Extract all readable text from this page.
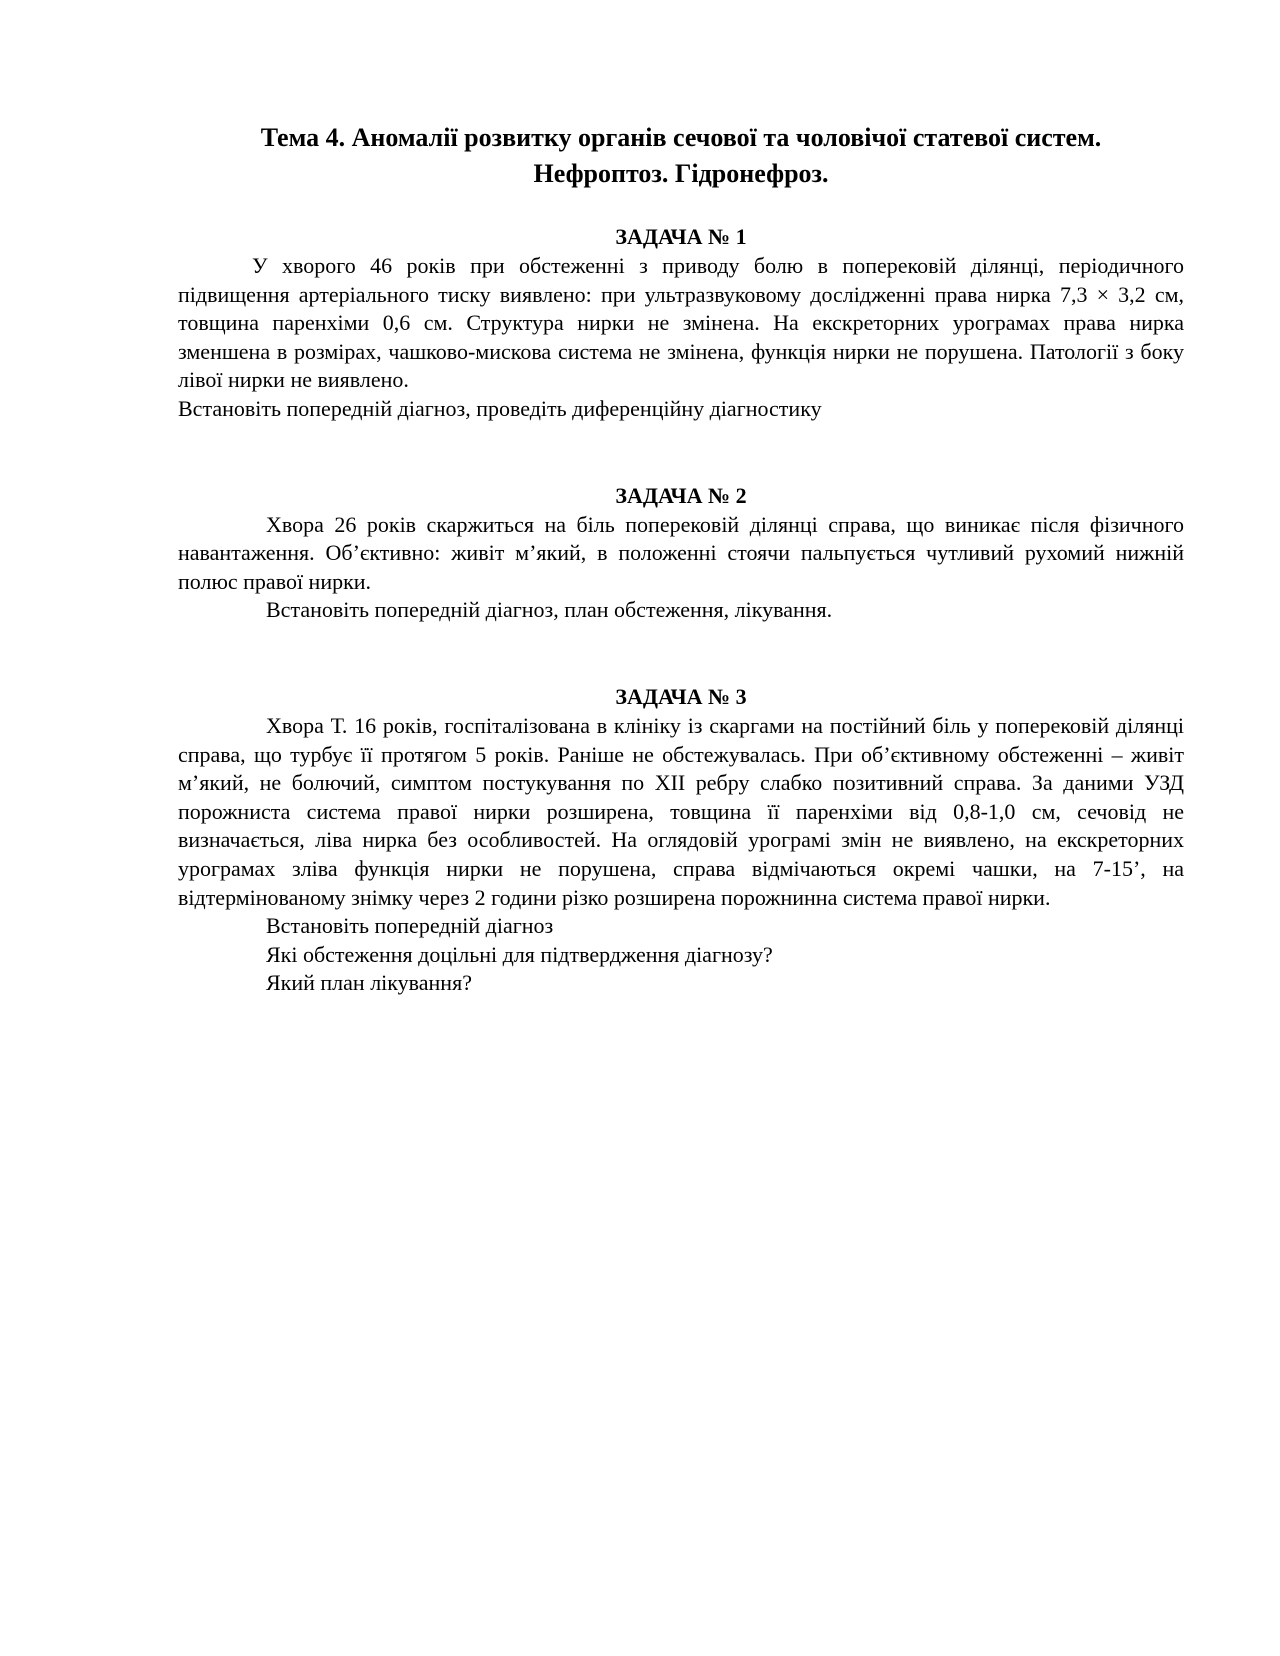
Тема 4. Аномалії розвитку органів сечової та чоловічої статевої систем.
Нефроптоз. Гідронефроз.
ЗАДАЧА № 1

У хворого 46 років при обстеженні з приводу болю в поперековій ділянці, періодичного підвищення артеріального тиску виявлено: при ультразвуковому дослідженні права нирка 7,3 × 3,2 см, товщина паренхіми 0,6 см. Структура нирки не змінена. На екскреторних урограмах права нирка зменшена в розмірах, чашково-мискова система не змінена, функція нирки не порушена. Патології з боку лівої нирки не виявлено.

Встановіть попередній діагноз, проведіть диференційну діагностику

ЗАДАЧА № 2

Хвора 26 років скаржиться на біль поперековій ділянці справа, що виникає після фізичного навантаження. Об’єктивно: живіт м’який, в положенні стоячи пальпується чутливий рухомий нижній полюс правої нирки.

Встановіть попередній діагноз, план обстеження, лікування.

ЗАДАЧА № 3

Хвора Т. 16 років, госпіталізована в клініку із скаргами на постійний біль у поперековій ділянці справа, що турбує її протягом 5 років. Раніше не обстежувалась. При об’єктивному обстеженні – живіт м’який, не болючий, симптом постукування по XII ребру слабко позитивний справа. За даними УЗД порожниста система правої нирки розширена, товщина її паренхіми від 0,8-1,0 см, сечовід не визначається, ліва нирка без особливостей. На оглядовій урограмі змін не виявлено, на екскреторних урограмах зліва функція нирки не порушена, справа відмічаються окремі чашки, на 7-15’, на відтермінованому знімку через 2 години різко розширена порожнинна система правої нирки.

Встановіть попередній діагноз

Які обстеження доцільні для підтвердження діагнозу?

Який план лікування?
